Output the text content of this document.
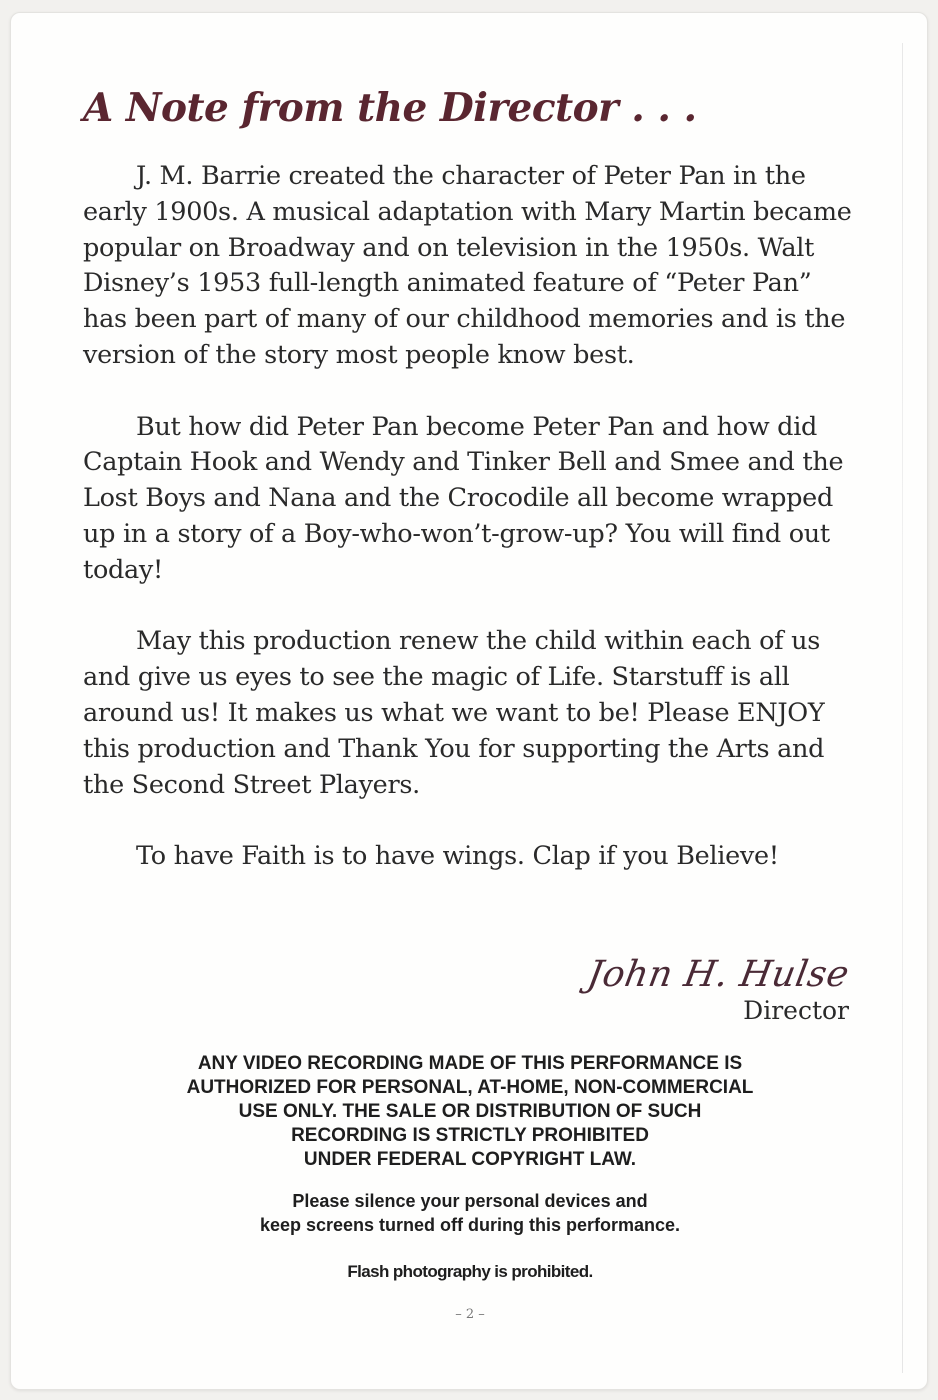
A Note from the Director . . .

J. M. Barrie created the character of Peter Pan in the early 1900s. A musical adaptation with Mary Martin became popular on Broadway and on television in the 1950s. Walt Disney’s 1953 full-length animated feature of “Peter Pan” has been part of many of our childhood memories and is the version of the story most people know best.

But how did Peter Pan become Peter Pan and how did Captain Hook and Wendy and Tinker Bell and Smee and the Lost Boys and Nana and the Crocodile all become wrapped up in a story of a Boy-who-won’t-grow-up? You will find out today!

May this production renew the child within each of us and give us eyes to see the magic of Life. Starstuff is all around us! It makes us what we want to be! Please ENJOY this production and Thank You for supporting the Arts and the Second Street Players.

To have Faith is to have wings. Clap if you Believe!

John H. Hulse
Director
ANY VIDEO RECORDING MADE OF THIS PERFORMANCE IS
AUTHORIZED FOR PERSONAL, AT-HOME, NON-COMMERCIAL
USE ONLY. THE SALE OR DISTRIBUTION OF SUCH
RECORDING IS STRICTLY PROHIBITED
UNDER FEDERAL COPYRIGHT LAW.
Please silence your personal devices and
keep screens turned off during this performance.
Flash photography is prohibited.
– 2 –
